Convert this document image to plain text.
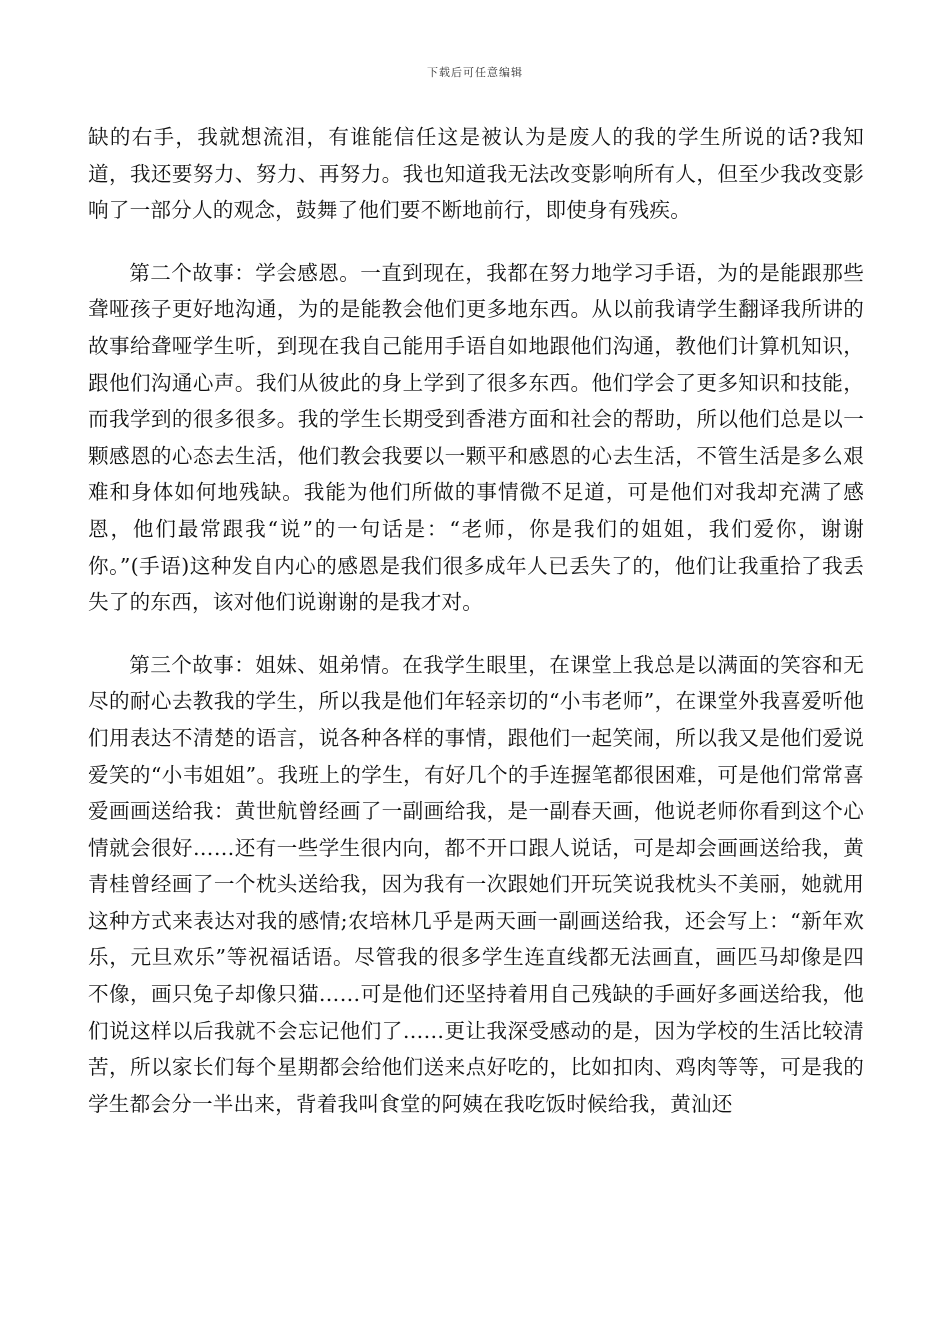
下载后可任意编辑

缺的右手，我就想流泪，有谁能信任这是被认为是废人的我的学生所说的话?我知道，我还要努力、努力、再努力。我也知道我无法改变影响所有人，但至少我改变影响了一部分人的观念，鼓舞了他们要不断地前行，即使身有残疾。

第二个故事：学会感恩。一直到现在，我都在努力地学习手语，为的是能跟那些聋哑孩子更好地沟通，为的是能教会他们更多地东西。从以前我请学生翻译我所讲的故事给聋哑学生听，到现在我自己能用手语自如地跟他们沟通，教他们计算机知识，跟他们沟通心声。我们从彼此的身上学到了很多东西。他们学会了更多知识和技能，而我学到的很多很多。我的学生长期受到香港方面和社会的帮助，所以他们总是以一颗感恩的心态去生活，他们教会我要以一颗平和感恩的心去生活，不管生活是多么艰难和身体如何地残缺。我能为他们所做的事情微不足道，可是他们对我却充满了感恩，他们最常跟我“说”的一句话是：“老师，你是我们的姐姐，我们爱你，谢谢你。”(手语)这种发自内心的感恩是我们很多成年人已丢失了的，他们让我重拾了我丢失了的东西，该对他们说谢谢的是我才对。

第三个故事：姐妹、姐弟情。在我学生眼里，在课堂上我总是以满面的笑容和无尽的耐心去教我的学生，所以我是他们年轻亲切的“小韦老师”，在课堂外我喜爱听他们用表达不清楚的语言，说各种各样的事情，跟他们一起笑闹，所以我又是他们爱说爱笑的“小韦姐姐”。我班上的学生，有好几个的手连握笔都很困难，可是他们常常喜爱画画送给我：黄世航曾经画了一副画给我，是一副春天画，他说老师你看到这个心情就会很好……还有一些学生很内向，都不开口跟人说话，可是却会画画送给我，黄青桂曾经画了一个枕头送给我，因为我有一次跟她们开玩笑说我枕头不美丽，她就用这种方式来表达对我的感情;农培林几乎是两天画一副画送给我，还会写上：“新年欢乐，元旦欢乐”等祝福话语。尽管我的很多学生连直线都无法画直，画匹马却像是四不像，画只兔子却像只猫……可是他们还坚持着用自己残缺的手画好多画送给我，他们说这样以后我就不会忘记他们了……更让我深受感动的是，因为学校的生活比较清苦，所以家长们每个星期都会给他们送来点好吃的，比如扣肉、鸡肉等等，可是我的学生都会分一半出来，背着我叫食堂的阿姨在我吃饭时候给我，黄汕还
